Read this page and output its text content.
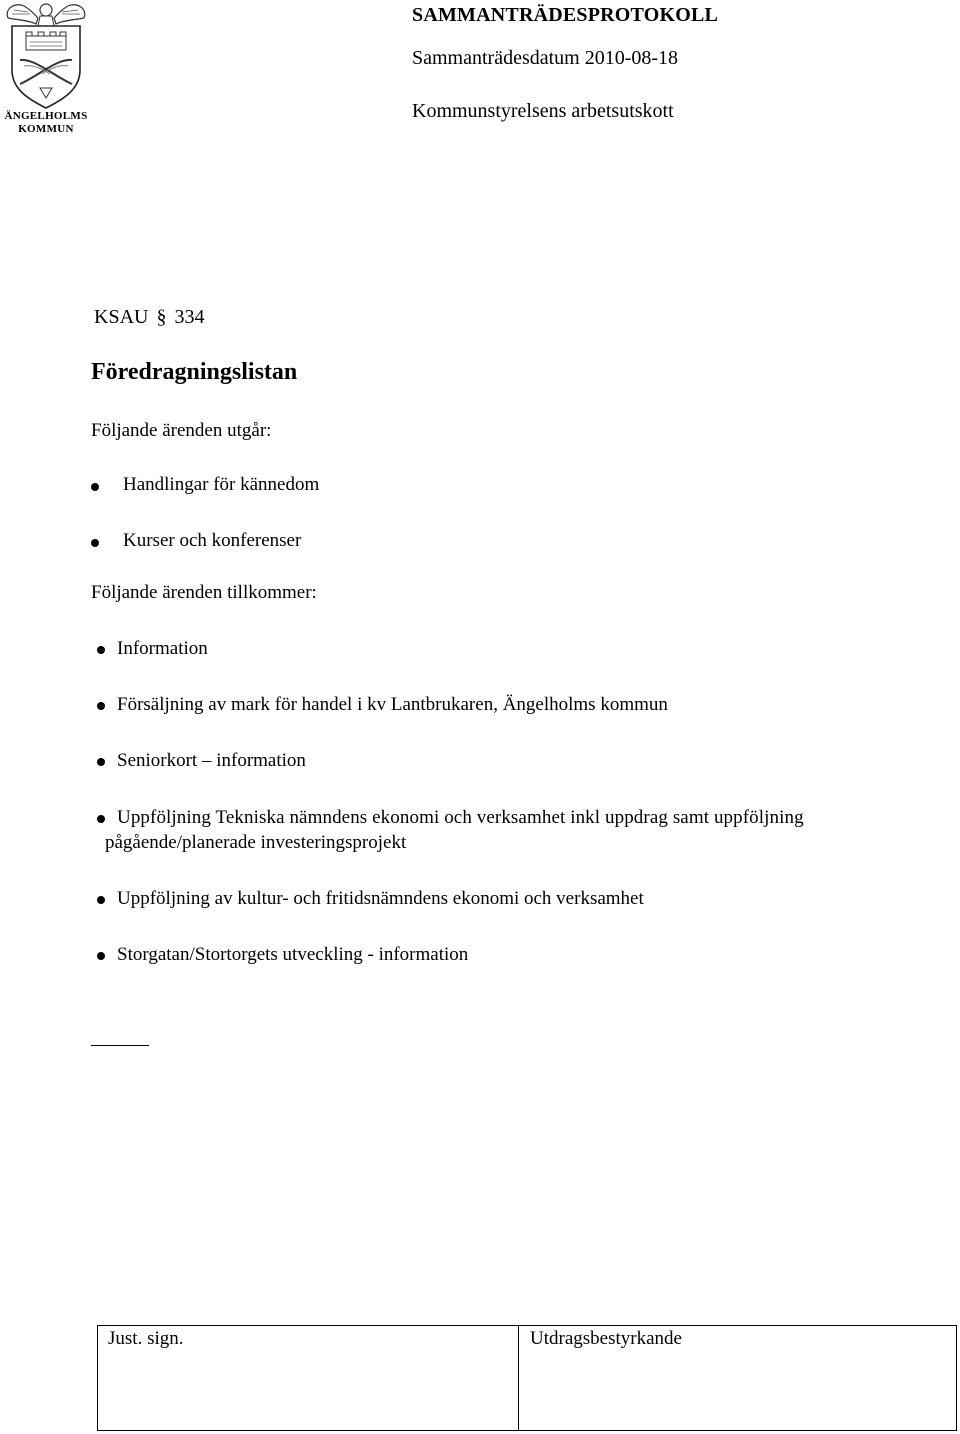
ÄNGELHOLMS
KOMMUN
SAMMANTRÄDESPROTOKOLL
Sammanträdesdatum 2010-08-18
Kommunstyrelsens arbetsutskott
KSAU § 334
Föredragningslistan
Följande ärenden utgår:
Handlingar för kännedom
Kurser och konferenser
Följande ärenden tillkommer:
Information
Försäljning av mark för handel i kv Lantbrukaren, Ängelholms kommun
Seniorkort – information
Uppföljning Tekniska nämndens ekonomi och verksamhet inkl uppdrag samt uppföljning
pågående/planerade investeringsprojekt
Uppföljning av kultur- och fritidsnämndens ekonomi och verksamhet
Storgatan/Stortorgets utveckling - information
Just. sign.	Utdragsbestyrkande
